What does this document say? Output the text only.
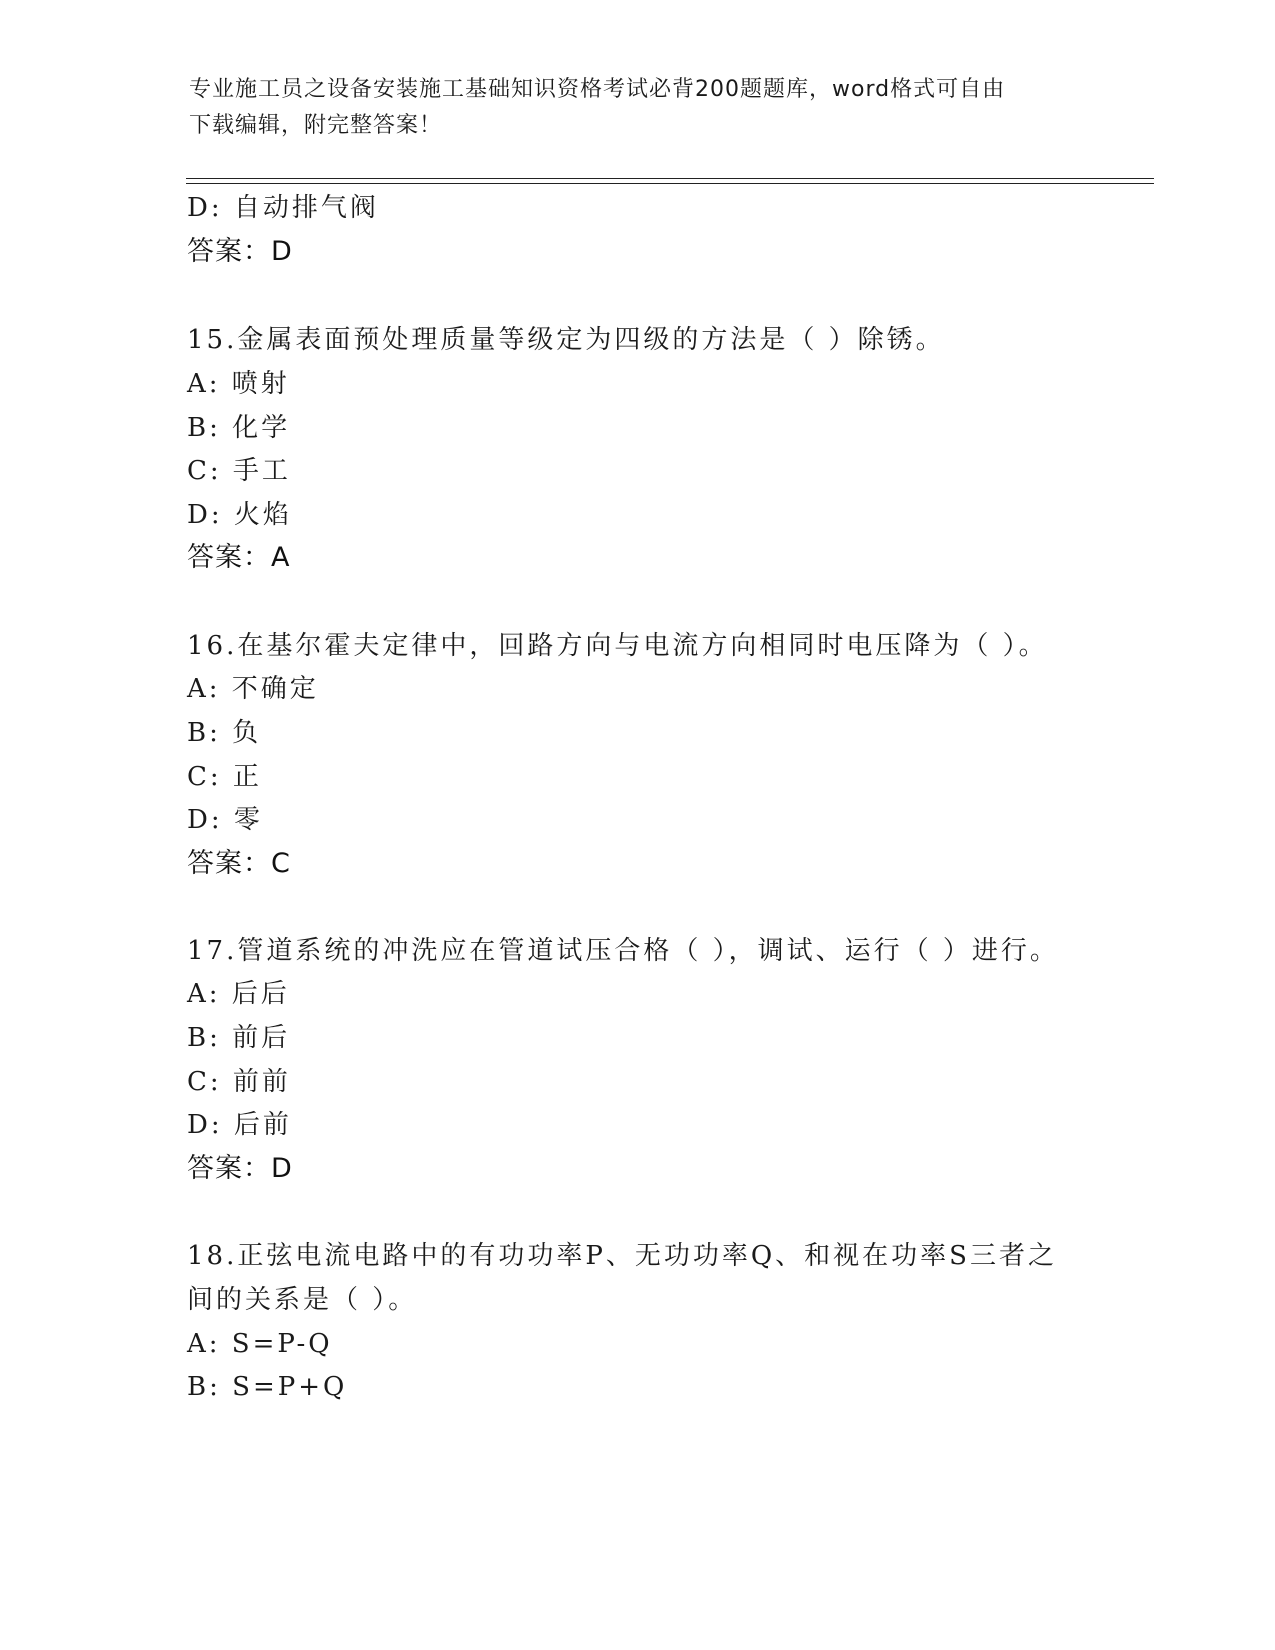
专业施工员之设备安装施工基础知识资格考试必背200题题库，word格式可自由
下载编辑，附完整答案！
D: 自动排气阀
答案：D
15.金属表面预处理质量等级定为四级的方法是（ ）除锈。
A: 喷射
B: 化学
C: 手工
D: 火焰
答案：A
16.在基尔霍夫定律中，回路方向与电流方向相同时电压降为（ ）。
A: 不确定
B: 负
C: 正
D: 零
答案：C
17.管道系统的冲洗应在管道试压合格（ ），调试、运行（ ）进行。
A: 后后
B: 前后
C: 前前
D: 后前
答案：D
18.正弦电流电路中的有功功率P、无功功率Q、和视在功率S三者之
间的关系是（ ）。
A: S=P-Q
B: S=P+Q
